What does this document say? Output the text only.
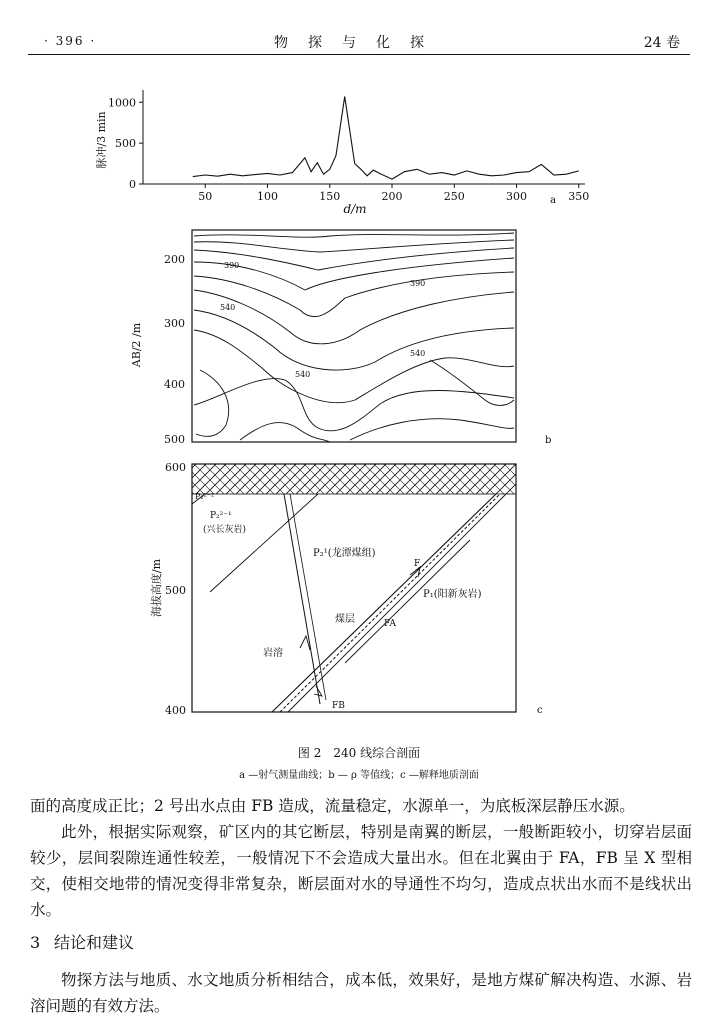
· 396 ·	物探与化探	24 卷
0
500
1000
50	100	150	200	250	300	350
脉冲/3 min
d/m
a
200
300
400
500
AB/2 /m
b
390
390
540
540
540
600
500
400
海拔高度/m
c
P₂²⁻²
P₂²⁻¹
(兴长灰岩)
P₂¹(龙潭煤组)
P₁(阳新灰岩)
煤层	FA
FB
F
岩溶
图 2　240 线综合剖面
a —射气测量曲线；b — ρ 等值线；c —解释地质剖面
面的高度成正比；2 号出水点由 FB 造成，流量稳定，水源单一，为底板深层静压水源。
此外，根据实际观察，矿区内的其它断层，特别是南翼的断层，一般断距较小，切穿岩层面较少，层间裂隙连通性较差，一般情况下不会造成大量出水。但在北翼由于 FA，FB 呈 X 型相交，使相交地带的情况变得非常复杂，断层面对水的导通性不均匀，造成点状出水而不是线状出水。
3 结论和建议
物探方法与地质、水文地质分析相结合，成本低，效果好，是地方煤矿解决构造、水源、岩溶问题的有效方法。
